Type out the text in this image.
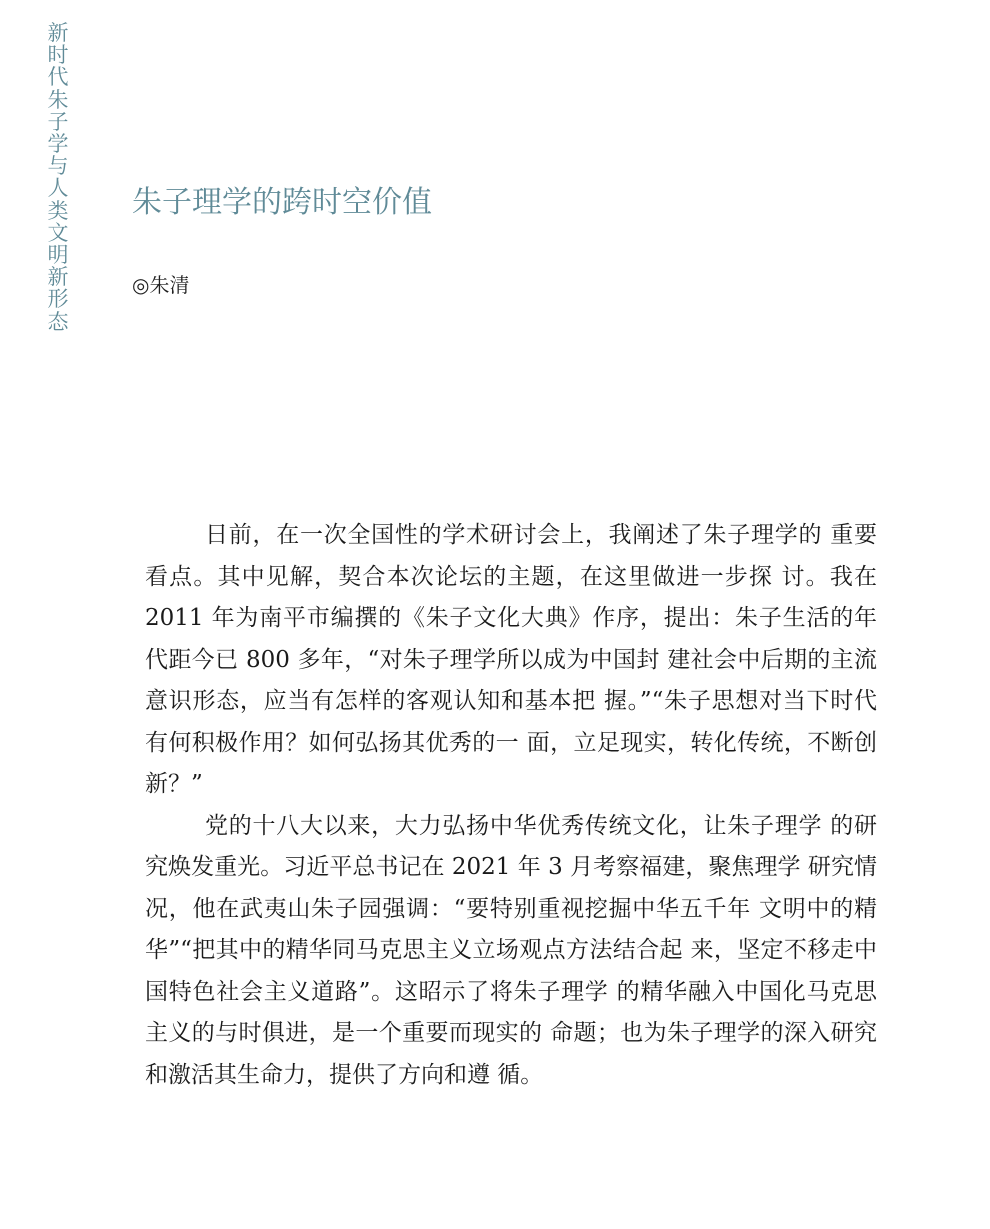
新时代朱子学与人类文明新形态
朱子理学的跨时空价值
◎朱清

日前，在一次全国性的学术研讨会上，我阐述了朱子理学的 重要看点。其中见解，契合本次论坛的主题，在这里做进一步探 讨。我在 2011 年为南平市编撰的《朱子文化大典》作序，提出：朱子生活的年代距今已 800 多年，“对朱子理学所以成为中国封 建社会中后期的主流意识形态，应当有怎样的客观认知和基本把 握。”“朱子思想对当下时代有何积极作用？如何弘扬其优秀的一 面，立足现实，转化传统，不断创新？”

党的十八大以来，大力弘扬中华优秀传统文化，让朱子理学 的研究焕发重光。习近平总书记在 2021 年 3 月考察福建，聚焦理学 研究情况，他在武夷山朱子园强调：“要特别重视挖掘中华五千年 文明中的精华”“把其中的精华同马克思主义立场观点方法结合起 来，坚定不移走中国特色社会主义道路”。这昭示了将朱子理学 的精华融入中国化马克思主义的与时俱进，是一个重要而现实的 命题；也为朱子理学的深入研究和激活其生命力，提供了方向和遵 循。
